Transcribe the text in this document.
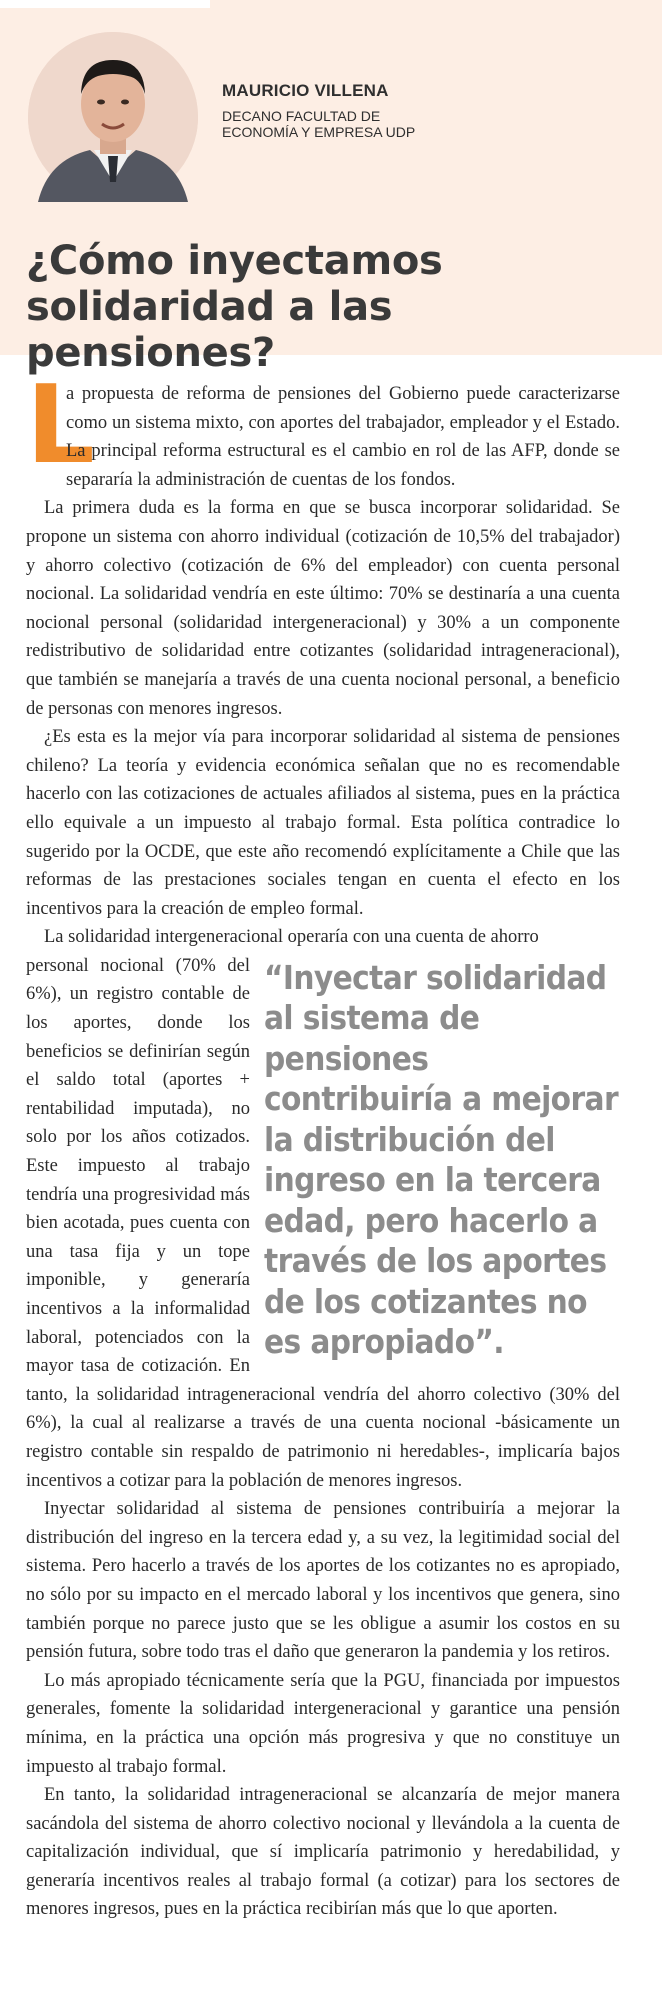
MAURICIO VILLENA
DECANO FACULTAD DE ECONOMÍA Y EMPRESA UDP
¿Cómo inyectamos solidaridad a las pensiones?

L
a propuesta de reforma de pensiones del Gobierno puede caracterizarse como un sistema mixto, con aportes del trabajador, empleador y el Estado. La principal reforma estructural es el cambio en rol de las AFP, donde se separaría la administración de cuentas de los fondos.

La primera duda es la forma en que se busca incorporar solidaridad. Se propone un sistema con ahorro individual (cotización de 10,5% del trabajador) y ahorro colectivo (cotización de 6% del empleador) con cuenta personal nocional. La solidaridad vendría en este último: 70% se destinaría a una cuenta nocional personal (solidaridad intergeneracional) y 30% a un componente redistributivo de solidaridad entre cotizantes (solidaridad intrageneracional), que también se manejaría a través de una cuenta nocional personal, a beneficio de personas con menores ingresos.

¿Es esta es la mejor vía para incorporar solidaridad al sistema de pensiones chileno? La teoría y evidencia económica señalan que no es recomendable hacerlo con las cotizaciones de actuales afiliados al sistema, pues en la práctica ello equivale a un impuesto al trabajo formal. Esta política contradice lo sugerido por la OCDE, que este año recomendó explícitamente a Chile que las reformas de las prestaciones sociales tengan en cuenta el efecto en los incentivos para la creación de empleo formal.

La solidaridad intergeneracional operaría con una cuenta de ahorro

“Inyectar solidaridad al sistema de pensiones contribuiría a mejorar la distribución del ingreso en la tercera edad, pero hacerlo a través de los aportes de los cotizantes no es apropiado”.

personal nocional (70% del 6%), un registro contable de los aportes, donde los beneficios se definirían según el saldo total (aportes + rentabilidad imputada), no solo por los años cotizados. Este impuesto al trabajo tendría una progresividad más bien acotada, pues cuenta con una tasa fija y un tope imponible, y generaría incentivos a la informalidad laboral, potenciados con la mayor tasa de cotización. En tanto, la solidaridad intrageneracional vendría del ahorro colectivo (30% del 6%), la cual al realizarse a través de una cuenta nocional -básicamente un registro contable sin respaldo de patrimonio ni heredables-, implicaría bajos incentivos a cotizar para la población de menores ingresos.

Inyectar solidaridad al sistema de pensiones contribuiría a mejorar la distribución del ingreso en la tercera edad y, a su vez, la legitimidad social del sistema. Pero hacerlo a través de los aportes de los cotizantes no es apropiado, no sólo por su impacto en el mercado laboral y los incentivos que genera, sino también porque no parece justo que se les obligue a asumir los costos en su pensión futura, sobre todo tras el daño que generaron la pandemia y los retiros.

Lo más apropiado técnicamente sería que la PGU, financiada por impuestos generales, fomente la solidaridad intergeneracional y garantice una pensión mínima, en la práctica una opción más progresiva y que no constituye un impuesto al trabajo formal.

En tanto, la solidaridad intrageneracional se alcanzaría de mejor manera sacándola del sistema de ahorro colectivo nocional y llevándola a la cuenta de capitalización individual, que sí implicaría patrimonio y heredabilidad, y generaría incentivos reales al trabajo formal (a cotizar) para los sectores de menores ingresos, pues en la práctica recibirían más que lo que aporten.
